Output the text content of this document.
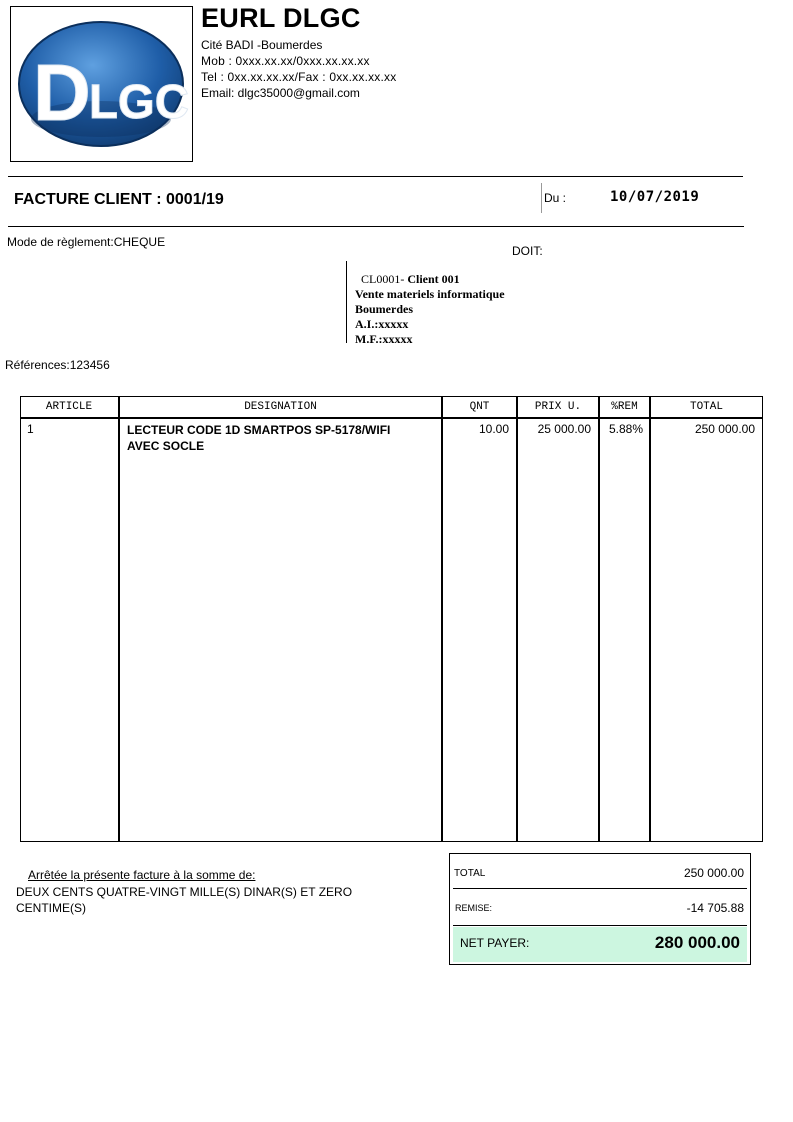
D
LGC
EURL DLGC
Cité BADI -Boumerdes
Mob : 0xxx.xx.xx/0xxx.xx.xx.xx
Tel : 0xx.xx.xx.xx/Fax : 0xx.xx.xx.xx
Email: dlgc35000@gmail.com
FACTURE CLIENT : 0001/19	Du :	10/07/2019
Mode de règlement:CHEQUE
DOIT:
CL0001- Client 001
Vente materiels informatique
Boumerdes
A.I.:xxxxx
M.F.:xxxxx
Références:123456
ARTICLE	DESIGNATION	QNT	PRIX U.	%REM	TOTAL
1	LECTEUR CODE 1D SMARTPOS SP-5178/WIFI
AVEC SOCLE
10.00	25 000.00	5.88%	250 000.00
Arrêtée la présente facture à la somme de:
DEUX CENTS QUATRE-VINGT MILLE(S) DINAR(S) ET ZERO CENTIME(S)
TOTAL	250 000.00
REMISE:	-14 705.88
NET PAYER:	280 000.00
